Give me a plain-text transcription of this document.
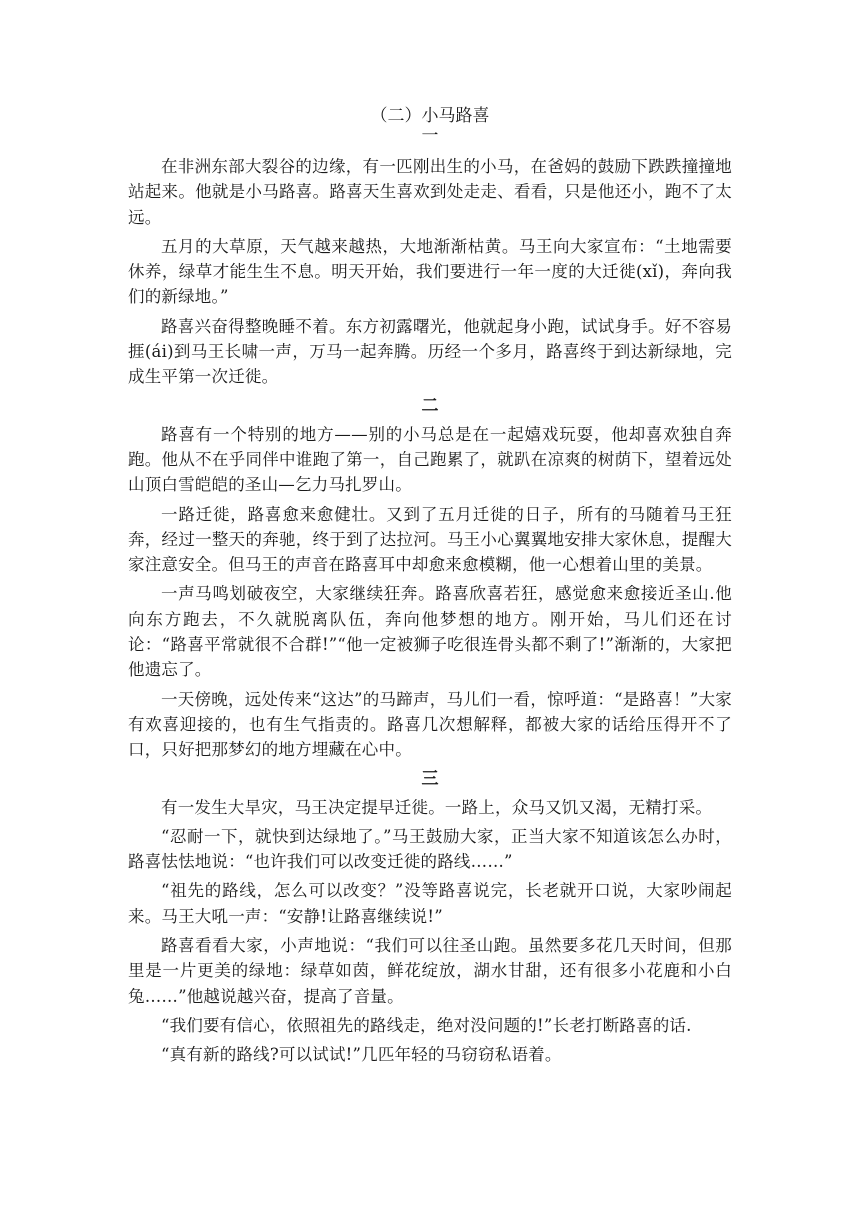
（二）小马路喜
一

在非洲东部大裂谷的边缘，有一匹刚出生的小马，在爸妈的鼓励下跌跌撞撞地站起来。他就是小马路喜。路喜天生喜欢到处走走、看看，只是他还小，跑不了太远。

五月的大草原，天气越来越热，大地渐渐枯黄。马王向大家宣布：“土地需要休养，绿草才能生生不息。明天开始，我们要进行一年一度的大迁徙(xǐ)，奔向我们的新绿地。”

路喜兴奋得整晚睡不着。东方初露曙光，他就起身小跑，试试身手。好不容易捱(ái)到马王长啸一声，万马一起奔腾。历经一个多月，路喜终于到达新绿地，完成生平第一次迁徙。

二

路喜有一个特别的地方——别的小马总是在一起嬉戏玩耍，他却喜欢独自奔跑。他从不在乎同伴中谁跑了第一，自己跑累了，就趴在凉爽的树荫下，望着远处山顶白雪皑皑的圣山—乞力马扎罗山。

一路迁徙，路喜愈来愈健壮。又到了五月迁徙的日子，所有的马随着马王狂奔，经过一整天的奔驰，终于到了达拉河。马王小心翼翼地安排大家休息，提醒大家注意安全。但马王的声音在路喜耳中却愈来愈模糊，他一心想着山里的美景。

一声马鸣划破夜空，大家继续狂奔。路喜欣喜若狂，感觉愈来愈接近圣山.他向东方跑去，不久就脱离队伍，奔向他梦想的地方。刚开始，马儿们还在讨论：“路喜平常就很不合群!”“他一定被狮子吃很连骨头都不剩了!”渐渐的，大家把他遗忘了。

一天傍晚，远处传来“这达”的马蹄声，马儿们一看，惊呼道：“是路喜！”大家有欢喜迎接的，也有生气指责的。路喜几次想解释，都被大家的话给压得开不了口，只好把那梦幻的地方埋藏在心中。

三

有一发生大旱灾，马王决定提早迁徙。一路上，众马又饥又渴，无精打采。

“忍耐一下，就快到达绿地了。”马王鼓励大家，正当大家不知道该怎么办时，路喜怯怯地说：“也许我们可以改变迁徙的路线……”

“祖先的路线，怎么可以改变？”没等路喜说完，长老就开口说，大家吵闹起来。马王大吼一声：“安静!让路喜继续说!”

路喜看看大家，小声地说：“我们可以往圣山跑。虽然要多花几天时间，但那里是一片更美的绿地：绿草如茵，鲜花绽放，湖水甘甜，还有很多小花鹿和小白兔……”他越说越兴奋，提高了音量。

“我们要有信心，依照祖先的路线走，绝对没问题的!”长老打断路喜的话.

“真有新的路线?可以试试!”几匹年轻的马窃窃私语着。
